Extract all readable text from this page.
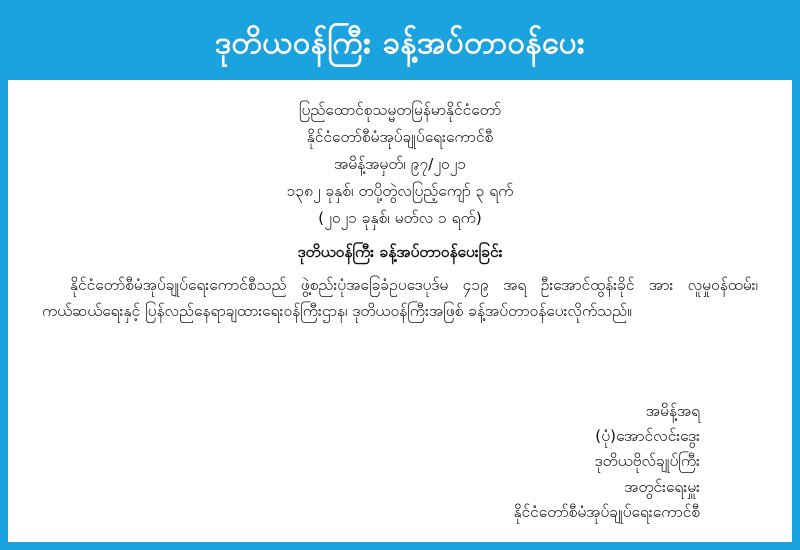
ဒုတိယဝန်ကြီး ခန့်အပ်တာဝန်ပေး
ပြည်ထောင်စုသမ္မတမြန်မာနိုင်ငံတော်
နိုင်ငံတော်စီမံအုပ်ချုပ်ရေးကောင်စီ
အမိန့်အမှတ်၊ ၉၇/၂၀၂၁
၁၃၈၂ ခုနှစ်၊ တပို့တွဲလပြည့်ကျော် ၃ ရက်
(၂၀၂၁ ခုနှစ်၊ မတ်လ ၁ ရက်)
ဒုတိယဝန်ကြီး ခန့်အပ်တာဝန်ပေးခြင်း

နိုင်ငံတော်စီမံအုပ်ချုပ်ရေးကောင်စီသည် ဖွဲ့စည်းပုံအခြေခံဥပဒေပုဒ်မ ၄၁၉ အရ ဦးအောင်ထွန်းခိုင် အား လူမှုဝန်ထမ်း၊ ကယ်ဆယ်ရေးနှင့် ပြန်လည်နေရာချထားရေးဝန်ကြီးဌာန၊ ဒုတိယဝန်ကြီးအဖြစ် ခန့်အပ်တာဝန်ပေးလိုက်သည်။

အမိန့်အရ
(ပုံ)အောင်လင်းဒွေး
ဒုတိယဗိုလ်ချုပ်ကြီး
အတွင်းရေးမှူး
နိုင်ငံတော်စီမံအုပ်ချုပ်ရေးကောင်စီ
